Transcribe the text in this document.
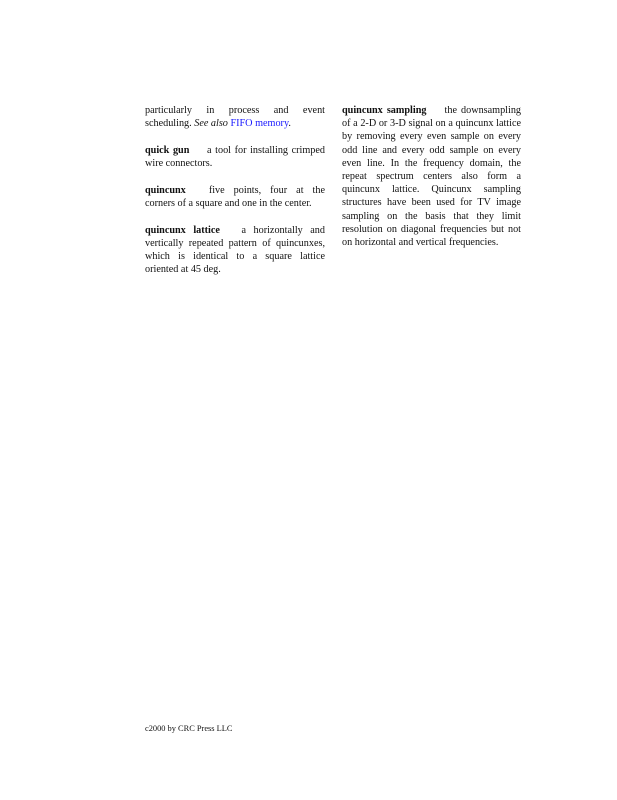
particularly in process and event scheduling. See also FIFO memory.

quick gun a tool for installing crimped wire connectors.

quincunx five points, four at the corners of a square and one in the center.

quincunx lattice a horizontally and vertically repeated pattern of quincunxes, which is identical to a square lattice oriented at 45 deg.

quincunx sampling the downsampling of a 2-D or 3-D signal on a quincunx lattice by removing every even sample on every odd line and every odd sample on every even line. In the frequency domain, the repeat spectrum centers also form a quincunx lattice. Quincunx sampling structures have been used for TV image sampling on the basis that they limit resolution on diagonal frequencies but not on horizontal and vertical frequencies.

c2000 by CRC Press LLC
